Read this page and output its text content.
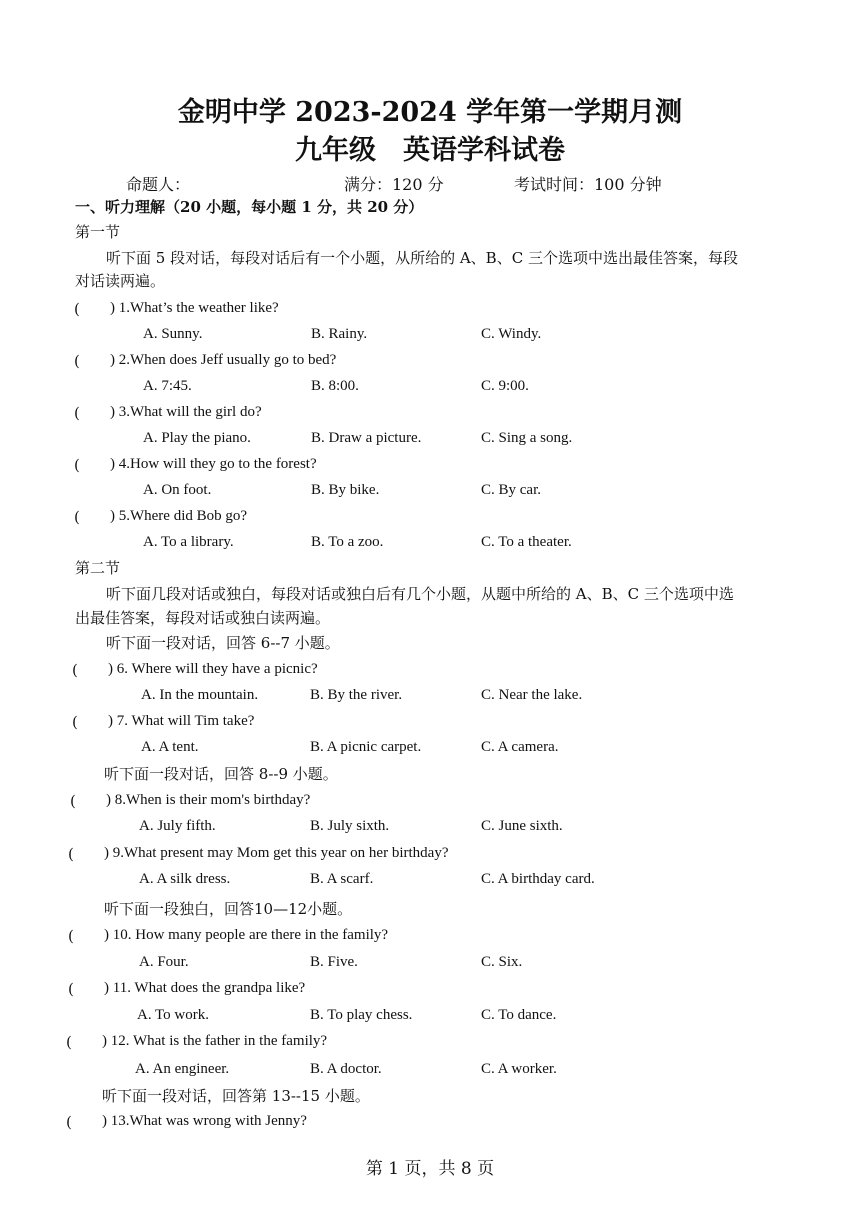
金明中学 2023-2024 学年第一学期月测
九年级　英语学科试卷
命题人：	满分：120 分	考试时间：100 分钟
一、听力理解（20 小题，每小题 1 分，共 20 分）
第一节
听下面 5 段对话，每段对话后有一个小题，从所给的 A、B、C 三个选项中选出最佳答案，每段
对话读两遍。
( ) 1.What’s the weather like?
A. Sunny.	B. Rainy.	C. Windy.
( ) 2.When does Jeff usually go to bed?
A. 7:45.	B. 8:00.	C. 9:00.
( ) 3.What will the girl do?
A. Play the piano.	B. Draw a picture.	C. Sing a song.
( ) 4.How will they go to the forest?
A. On foot.	B. By bike.	C. By car.
( ) 5.Where did Bob go?
A. To a library.	B. To a zoo.	C. To a theater.
第二节
听下面几段对话或独白，每段对话或独白后有几个小题，从题中所给的 A、B、C 三个选项中选
出最佳答案，每段对话或独白读两遍。
听下面一段对话，回答 6--7 小题。
( ) 6. Where will they have a picnic?
A. In the mountain.	B. By the river.	C. Near the lake.
( ) 7. What will Tim take?
A. A tent.	B. A picnic carpet.	C. A camera.
听下面一段对话，回答 8--9 小题。
( ) 8.When is their mom's birthday?
A. July fifth.	B. July sixth.	C. June sixth.
( ) 9.What present may Mom get this year on her birthday?
A. A silk dress.	B. A scarf.	C. A birthday card.
听下面一段独白，回答10—12小题。
( ) 10. How many people are there in the family?
A. Four.	B. Five.	C. Six.
( ) 11. What does the grandpa like?
A. To work.	B. To play chess.	C. To dance.
( ) 12. What is the father in the family?
A. An engineer.	B. A doctor.	C. A worker.
听下面一段对话，回答第 13--15 小题。
( ) 13.What was wrong with Jenny?
第 1 页，共 8 页
